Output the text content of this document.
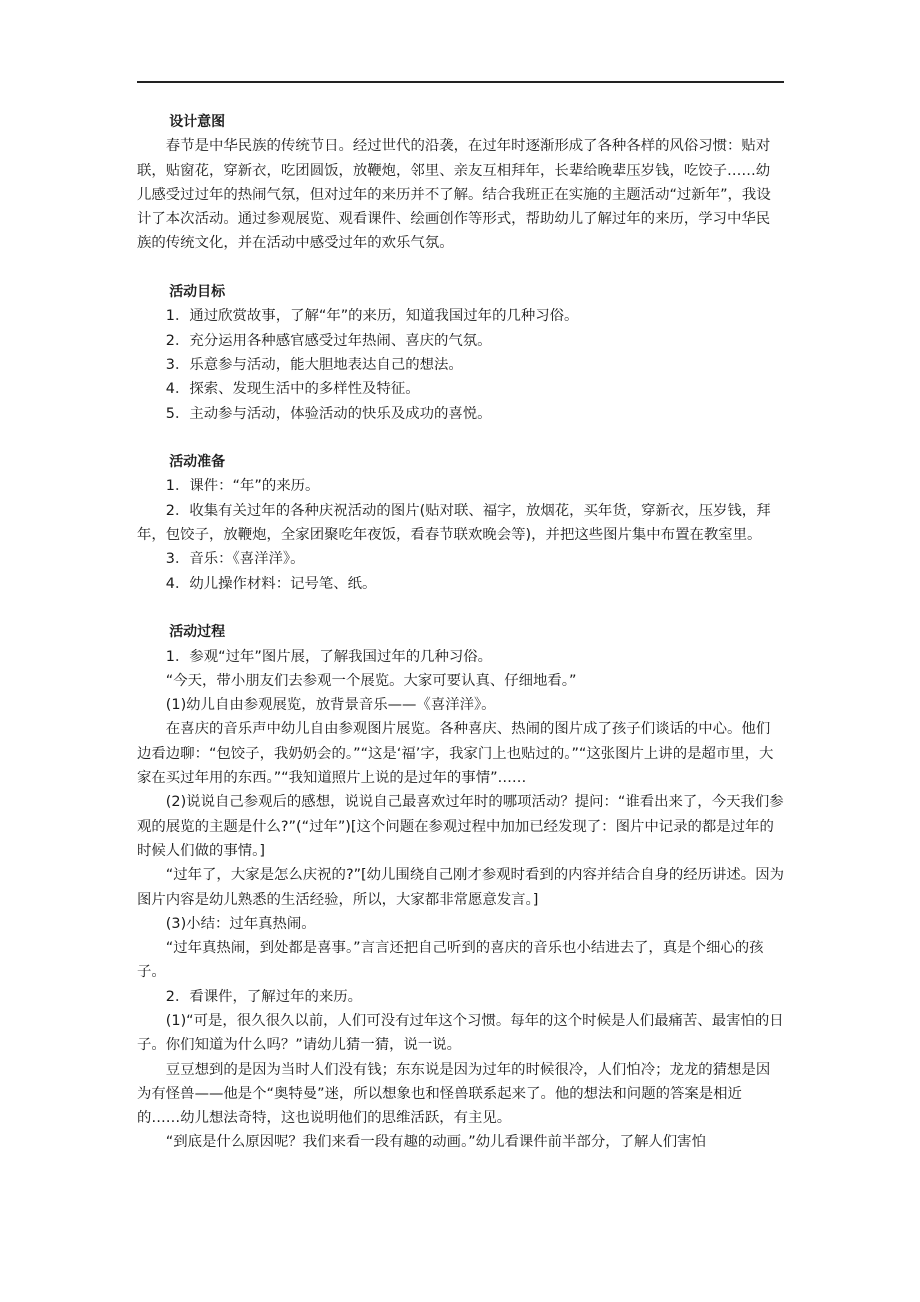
设计意图

春节是中华民族的传统节日。经过世代的沿袭，在过年时逐渐形成了各种各样的风俗习惯：贴对联，贴窗花，穿新衣，吃团圆饭，放鞭炮，邻里、亲友互相拜年，长辈给晚辈压岁钱，吃饺子……幼儿感受过过年的热闹气氛，但对过年的来历并不了解。结合我班正在实施的主题活动“过新年”，我设计了本次活动。通过参观展览、观看课件、绘画创作等形式，帮助幼儿了解过年的来历，学习中华民族的传统文化，并在活动中感受过年的欢乐气氛。

活动目标

1．通过欣赏故事，了解“年”的来历，知道我国过年的几种习俗。

2．充分运用各种感官感受过年热闹、喜庆的气氛。

3．乐意参与活动，能大胆地表达自己的想法。

4．探索、发现生活中的多样性及特征。

5．主动参与活动，体验活动的快乐及成功的喜悦。

活动准备

1．课件：“年”的来历。

2．收集有关过年的各种庆祝活动的图片(贴对联、福字，放烟花，买年货，穿新衣，压岁钱，拜年，包饺子，放鞭炮，全家团聚吃年夜饭，看春节联欢晚会等)，并把这些图片集中布置在教室里。

3．音乐：《喜洋洋》。

4．幼儿操作材料：记号笔、纸。

活动过程

1．参观“过年”图片展，了解我国过年的几种习俗。

“今天，带小朋友们去参观一个展览。大家可要认真、仔细地看。”

(1)幼儿自由参观展览，放背景音乐——《喜洋洋》。

在喜庆的音乐声中幼儿自由参观图片展览。各种喜庆、热闹的图片成了孩子们谈话的中心。他们边看边聊：“包饺子，我奶奶会的。”“这是‘福’字，我家门上也贴过的。”“这张图片上讲的是超市里，大家在买过年用的东西。”“我知道照片上说的是过年的事情”……

(2)说说自己参观后的感想，说说自己最喜欢过年时的哪项活动？提问：“谁看出来了，今天我们参观的展览的主题是什么?”(“过年”)[这个问题在参观过程中加加已经发现了：图片中记录的都是过年的时候人们做的事情。]

“过年了，大家是怎么庆祝的?”[幼儿围绕自己刚才参观时看到的内容并结合自身的经历讲述。因为图片内容是幼儿熟悉的生活经验，所以，大家都非常愿意发言。]

(3)小结：过年真热闹。

“过年真热闹，到处都是喜事。”言言还把自己听到的喜庆的音乐也小结进去了，真是个细心的孩子。

2．看课件，了解过年的来历。

(1)“可是，很久很久以前，人们可没有过年这个习惯。每年的这个时候是人们最痛苦、最害怕的日子。你们知道为什么吗？”请幼儿猜一猜，说一说。

豆豆想到的是因为当时人们没有钱；东东说是因为过年的时候很冷，人们怕冷；龙龙的猜想是因为有怪兽——他是个“奥特曼”迷，所以想象也和怪兽联系起来了。他的想法和问题的答案是相近的……幼儿想法奇特，这也说明他们的思维活跃，有主见。

“到底是什么原因呢？我们来看一段有趣的动画。”幼儿看课件前半部分，了解人们害怕
